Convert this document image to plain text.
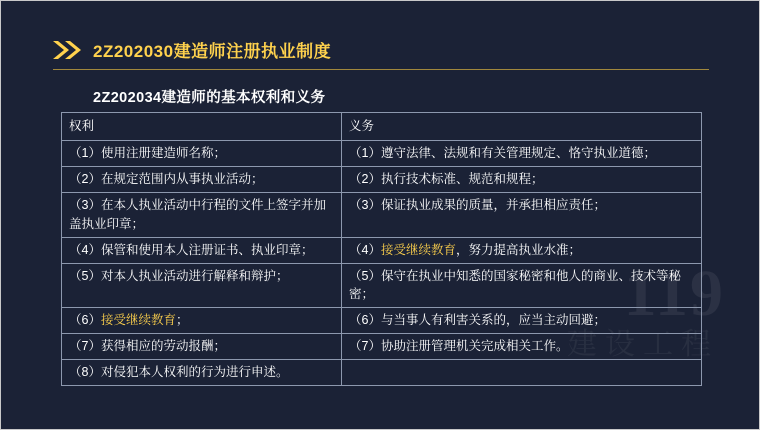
119
建设工程
2Z202030建造师注册执业制度
2Z202034建造师的基本权利和义务
权利	义务
（1）使用注册建造师名称；	（1）遵守法律、法规和有关管理规定、恪守执业道德；
（2）在规定范围内从事执业活动；	（2）执行技术标准、规范和规程；
（3）在本人执业活动中行程的文件上签字并加盖执业印章；	（3）保证执业成果的质量，并承担相应责任；
（4）保管和使用本人注册证书、执业印章；	（4）接受继续教育，努力提高执业水准；
（5）对本人执业活动进行解释和辩护；	（5）保守在执业中知悉的国家秘密和他人的商业、技术等秘密；
（6）接受继续教育；	（6）与当事人有利害关系的，应当主动回避；
（7）获得相应的劳动报酬；	（7）协助注册管理机关完成相关工作。
（8）对侵犯本人权利的行为进行申述。	
